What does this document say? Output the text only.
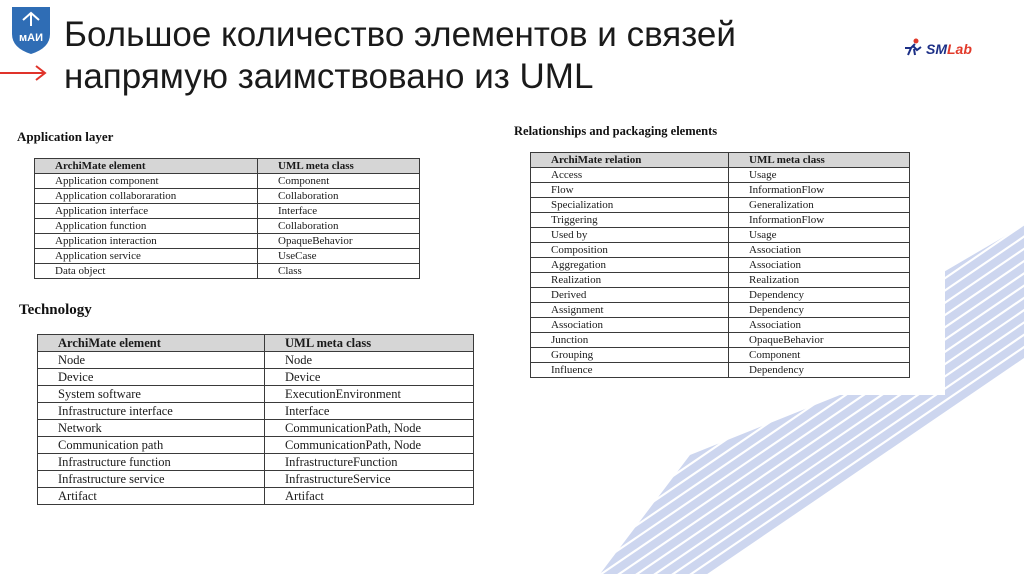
мАИ Большое количество элементов и связей
напрямую заимствовано из UML
SMLab
Application layer
ArchiMate element	UML meta class
Application component	Component
Application collaboraration	Collaboration
Application interface	Interface
Application function	Collaboration
Application interaction	OpaqueBehavior
Application service	UseCase
Data object	Class
Technology
ArchiMate element	UML meta class
Node	Node
Device	Device
System software	ExecutionEnvironment
Infrastructure interface	Interface
Network	CommunicationPath, Node
Communication path	CommunicationPath, Node
Infrastructure function	InfrastructureFunction
Infrastructure service	InfrastructureService
Artifact	Artifact
Relationships and packaging elements
ArchiMate relation	UML meta class
Access	Usage
Flow	InformationFlow
Specialization	Generalization
Triggering	InformationFlow
Used by	Usage
Composition	Association
Aggregation	Association
Realization	Realization
Derived	Dependency
Assignment	Dependency
Association	Association
Junction	OpaqueBehavior
Grouping	Component
Influence	Dependency
